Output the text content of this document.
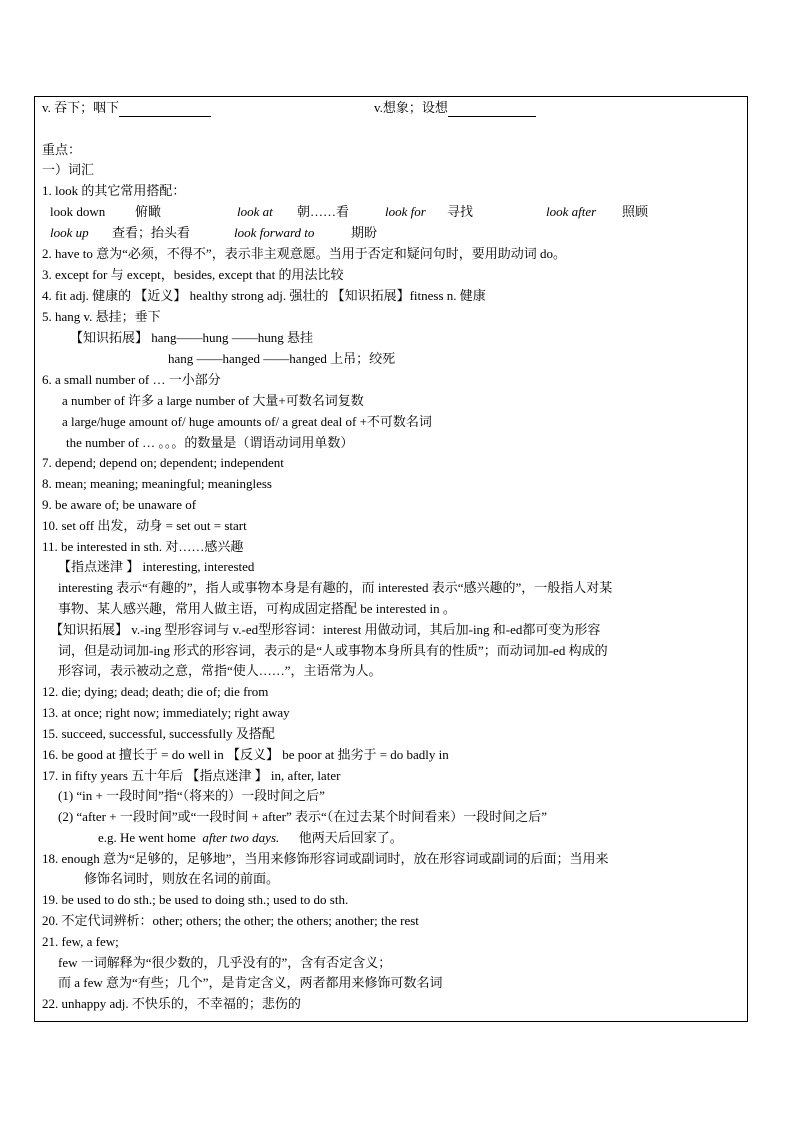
v. 吞下；咽下	v.想象；设想
重点：
一）词汇
1. look 的其它常用搭配：
look down 俯瞰	look at 朝……看	look for 寻找	look after 照顾
look up 查看；抬头看	look forward to	期盼
2. have to 意为“必须，不得不”，表示非主观意愿。当用于否定和疑问句时，要用助动词 do。
3. except for 与 except，besides, except that 的用法比较
4. fit adj. 健康的 【近义】 healthy strong adj. 强壮的 【知识拓展】fitness n. 健康
5. hang v. 悬挂；垂下
【知识拓展】 hang——hung ——hung 悬挂
hang ——hanged ——hanged 上吊；绞死
6. a small number of … 一小部分
a number of 许多 a large number of 大量+可数名词复数
a large/huge amount of/ huge amounts of/ a great deal of +不可数名词
the number of … 。。。的数量是（谓语动词用单数）
7. depend; depend on; dependent; independent
8. mean; meaning; meaningful; meaningless
9. be aware of; be unaware of
10. set off 出发，动身 = set out = start
11. be interested in sth. 对……感兴趣
【指点迷津 】 interesting, interested
interesting 表示“有趣的”，指人或事物本身是有趣的，而 interested 表示“感兴趣的”，一般指人对某
事物、某人感兴趣，常用人做主语，可构成固定搭配 be interested in 。
【知识拓展】 v.-ing 型形容词与 v.-ed型形容词：interest 用做动词，其后加-ing 和-ed都可变为形容
词，但是动词加-ing 形式的形容词，表示的是“人或事物本身所具有的性质”；而动词加-ed 构成的
形容词，表示被动之意，常指“使人……”，主语常为人。
12. die; dying; dead; death; die of; die from
13. at once; right now; immediately; right away
15. succeed, successful, successfully 及搭配
16. be good at 擅长于 = do well in 【反义】 be poor at 拙劣于 = do badly in
17. in fifty years 五十年后 【指点迷津 】 in, after, later
(1) “in + 一段时间”指“（将来的）一段时间之后”
(2) “after + 一段时间”或“一段时间 + after” 表示“（在过去某个时间看来）一段时间之后”
e.g. He went home after two days. 他两天后回家了。
18. enough 意为“足够的，足够地”，当用来修饰形容词或副词时，放在形容词或副词的后面；当用来
修饰名词时，则放在名词的前面。
19. be used to do sth.; be used to doing sth.; used to do sth.
20. 不定代词辨析：other; others; the other; the others; another; the rest
21. few, a few;
few 一词解释为“很少数的，几乎没有的”，含有否定含义；
而 a few 意为“有些；几个”，是肯定含义，两者都用来修饰可数名词
22. unhappy adj. 不快乐的，不幸福的；悲伤的
